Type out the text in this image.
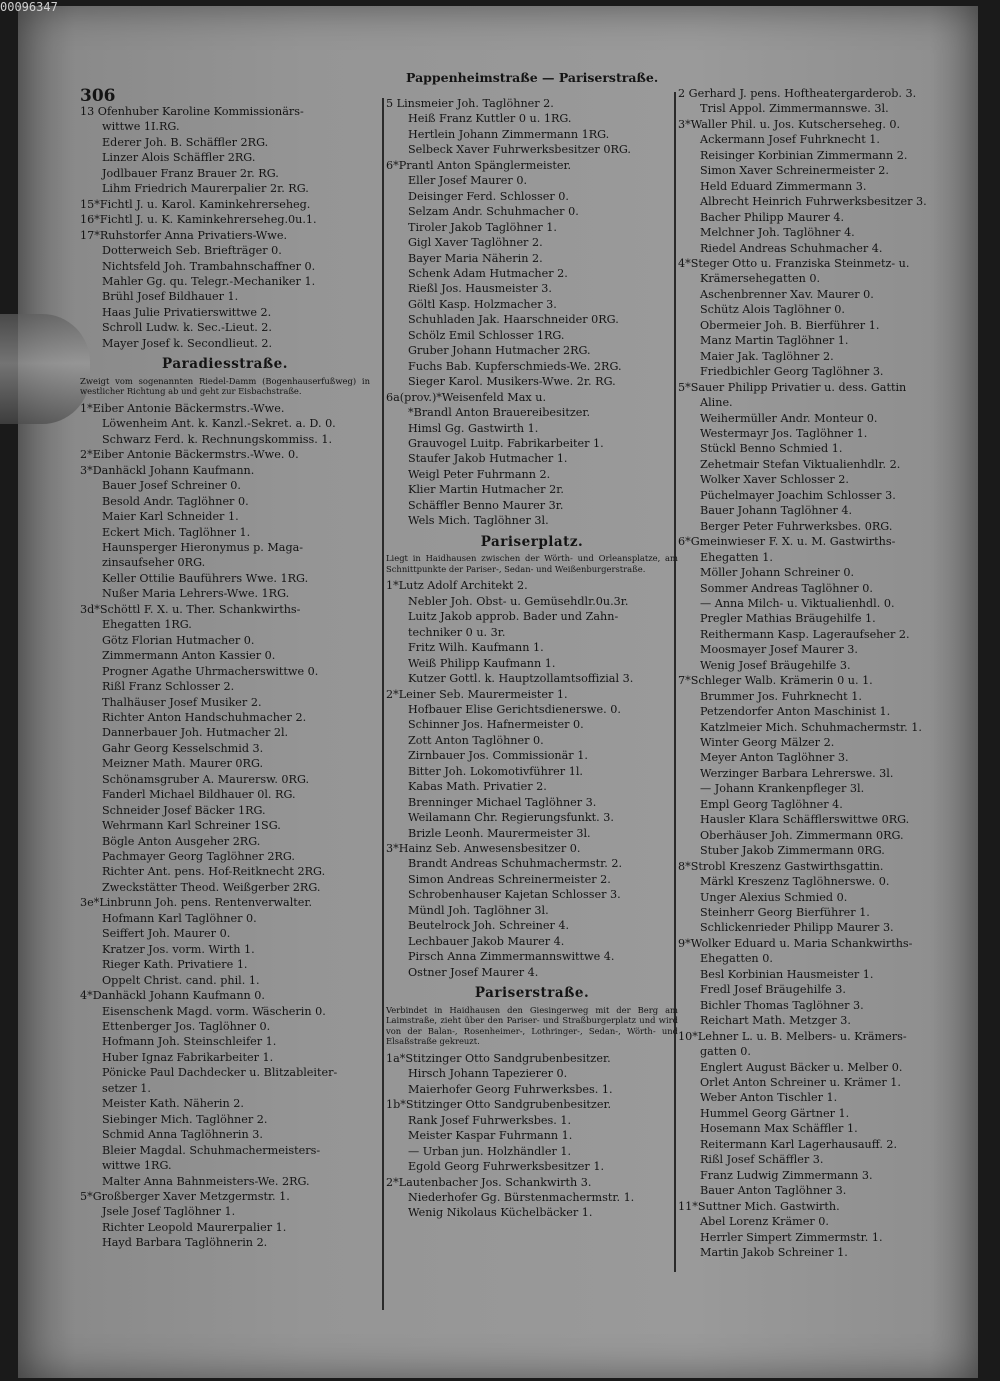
306
Pappenheimstraße — Pariserstraße.
13 Ofenhuber Karoline Kommissionärs-
wittwe 1I.RG.
Ederer Joh. B. Schäffler 2RG.
Linzer Alois Schäffler 2RG.
Jodlbauer Franz Brauer 2r. RG.
Lihm Friedrich Maurerpalier 2r. RG.
15*Fichtl J. u. Karol. Kaminkehrerseheg.
16*Fichtl J. u. K. Kaminkehrerseheg.0u.1.
17*Ruhstorfer Anna Privatiers-Wwe.
Dotterweich Seb. Briefträger 0.
Nichtsfeld Joh. Trambahnschaffner 0.
Mahler Gg. qu. Telegr.-Mechaniker 1.
Brühl Josef Bildhauer 1.
Haas Julie Privatierswittwe 2.
Schroll Ludw. k. Sec.-Lieut. 2.
Mayer Josef k. Secondlieut. 2.
Paradiesstraße.
Zweigt vom sogenannten Riedel-Damm (Bogenhauserfußweg) in westlicher Richtung ab und geht zur Eisbachstraße.
1*Eiber Antonie Bäckermstrs.-Wwe.
Löwenheim Ant. k. Kanzl.-Sekret. a. D. 0.
Schwarz Ferd. k. Rechnungskommiss. 1.
2*Eiber Antonie Bäckermstrs.-Wwe. 0.
3*Danhäckl Johann Kaufmann.
Bauer Josef Schreiner 0.
Besold Andr. Taglöhner 0.
Maier Karl Schneider 1.
Eckert Mich. Taglöhner 1.
Haunsperger Hieronymus p. Maga-
zinsaufseher 0RG.
Keller Ottilie Bauführers Wwe. 1RG.
Nußer Maria Lehrers-Wwe. 1RG.
3d*Schöttl F. X. u. Ther. Schankwirths-
Ehegatten 1RG.
Götz Florian Hutmacher 0.
Zimmermann Anton Kassier 0.
Progner Agathe Uhrmacherswittwe 0.
Rißl Franz Schlosser 2.
Thalhäuser Josef Musiker 2.
Richter Anton Handschuhmacher 2.
Dannerbauer Joh. Hutmacher 2l.
Gahr Georg Kesselschmid 3.
Meizner Math. Maurer 0RG.
Schönamsgruber A. Maurersw. 0RG.
Fanderl Michael Bildhauer 0l. RG.
Schneider Josef Bäcker 1RG.
Wehrmann Karl Schreiner 1SG.
Bögle Anton Ausgeher 2RG.
Pachmayer Georg Taglöhner 2RG.
Richter Ant. pens. Hof-Reitknecht 2RG.
Zweckstätter Theod. Weißgerber 2RG.
3e*Linbrunn Joh. pens. Rentenverwalter.
Hofmann Karl Taglöhner 0.
Seiffert Joh. Maurer 0.
Kratzer Jos. vorm. Wirth 1.
Rieger Kath. Privatiere 1.
Oppelt Christ. cand. phil. 1.
4*Danhäckl Johann Kaufmann 0.
Eisenschenk Magd. vorm. Wäscherin 0.
Ettenberger Jos. Taglöhner 0.
Hofmann Joh. Steinschleifer 1.
Huber Ignaz Fabrikarbeiter 1.
Pönicke Paul Dachdecker u. Blitzableiter-
setzer 1.
Meister Kath. Näherin 2.
Siebinger Mich. Taglöhner 2.
Schmid Anna Taglöhnerin 3.
Bleier Magdal. Schuhmachermeisters-
wittwe 1RG.
Malter Anna Bahnmeisters-We. 2RG.
5*Großberger Xaver Metzgermstr. 1.
Jsele Josef Taglöhner 1.
Richter Leopold Maurerpalier 1.
Hayd Barbara Taglöhnerin 2.
5 Linsmeier Joh. Taglöhner 2.
Heiß Franz Kuttler 0 u. 1RG.
Hertlein Johann Zimmermann 1RG.
Selbeck Xaver Fuhrwerksbesitzer 0RG.
6*Prantl Anton Spänglermeister.
Eller Josef Maurer 0.
Deisinger Ferd. Schlosser 0.
Selzam Andr. Schuhmacher 0.
Tiroler Jakob Taglöhner 1.
Gigl Xaver Taglöhner 2.
Bayer Maria Näherin 2.
Schenk Adam Hutmacher 2.
Rießl Jos. Hausmeister 3.
Göltl Kasp. Holzmacher 3.
Schuhladen Jak. Haarschneider 0RG.
Schölz Emil Schlosser 1RG.
Gruber Johann Hutmacher 2RG.
Fuchs Bab. Kupferschmieds-We. 2RG.
Sieger Karol. Musikers-Wwe. 2r. RG.
6a(prov.)*Weisenfeld Max u.
*Brandl Anton Brauereibesitzer.
Himsl Gg. Gastwirth 1.
Grauvogel Luitp. Fabrikarbeiter 1.
Staufer Jakob Hutmacher 1.
Weigl Peter Fuhrmann 2.
Klier Martin Hutmacher 2r.
Schäffler Benno Maurer 3r.
Wels Mich. Taglöhner 3l.
Pariserplatz.
Liegt in Haidhausen zwischen der Wörth- und Orleansplatze, am Schnittpunkte der Pariser-, Sedan- und Weißenburgerstraße.
1*Lutz Adolf Architekt 2.
Nebler Joh. Obst- u. Gemüsehdlr.0u.3r.
Luitz Jakob approb. Bader und Zahn-
techniker 0 u. 3r.
Fritz Wilh. Kaufmann 1.
Weiß Philipp Kaufmann 1.
Kutzer Gottl. k. Hauptzollamtsoffizial 3.
2*Leiner Seb. Maurermeister 1.
Hofbauer Elise Gerichtsdienerswe. 0.
Schinner Jos. Hafnermeister 0.
Zott Anton Taglöhner 0.
Zirnbauer Jos. Commissionär 1.
Bitter Joh. Lokomotivführer 1l.
Kabas Math. Privatier 2.
Brenninger Michael Taglöhner 3.
Weilamann Chr. Regierungsfunkt. 3.
Brizle Leonh. Maurermeister 3l.
3*Hainz Seb. Anwesensbesitzer 0.
Brandt Andreas Schuhmachermstr. 2.
Simon Andreas Schreinermeister 2.
Schrobenhauser Kajetan Schlosser 3.
Mündl Joh. Taglöhner 3l.
Beutelrock Joh. Schreiner 4.
Lechbauer Jakob Maurer 4.
Pirsch Anna Zimmermannswittwe 4.
Ostner Josef Maurer 4.
Pariserstraße.
Verbindet in Haidhausen den Giesingerweg mit der Berg am Laimstraße, zieht über den Pariser- und Straßburgerplatz und wird von der Balan-, Rosenheimer-, Lothringer-, Sedan-, Wörth- und Elsaßstraße gekreuzt.
1a*Stitzinger Otto Sandgrubenbesitzer.
Hirsch Johann Tapezierer 0.
Maierhofer Georg Fuhrwerksbes. 1.
1b*Stitzinger Otto Sandgrubenbesitzer.
Rank Josef Fuhrwerksbes. 1.
Meister Kaspar Fuhrmann 1.
— Urban jun. Holzhändler 1.
Egold Georg Fuhrwerksbesitzer 1.
2*Lautenbacher Jos. Schankwirth 3.
Niederhofer Gg. Bürstenmachermstr. 1.
Wenig Nikolaus Küchelbäcker 1.
2 Gerhard J. pens. Hoftheatergarderob. 3.
Trisl Appol. Zimmermannswe. 3l.
3*Waller Phil. u. Jos. Kutscherseheg. 0.
Ackermann Josef Fuhrknecht 1.
Reisinger Korbinian Zimmermann 2.
Simon Xaver Schreinermeister 2.
Held Eduard Zimmermann 3.
Albrecht Heinrich Fuhrwerksbesitzer 3.
Bacher Philipp Maurer 4.
Melchner Joh. Taglöhner 4.
Riedel Andreas Schuhmacher 4.
4*Steger Otto u. Franziska Steinmetz- u.
Krämersehegatten 0.
Aschenbrenner Xav. Maurer 0.
Schütz Alois Taglöhner 0.
Obermeier Joh. B. Bierführer 1.
Manz Martin Taglöhner 1.
Maier Jak. Taglöhner 2.
Friedbichler Georg Taglöhner 3.
5*Sauer Philipp Privatier u. dess. Gattin
Aline.
Weihermüller Andr. Monteur 0.
Westermayr Jos. Taglöhner 1.
Stückl Benno Schmied 1.
Zehetmair Stefan Viktualienhdlr. 2.
Wolker Xaver Schlosser 2.
Püchelmayer Joachim Schlosser 3.
Bauer Johann Taglöhner 4.
Berger Peter Fuhrwerksbes. 0RG.
6*Gmeinwieser F. X. u. M. Gastwirths-
Ehegatten 1.
Möller Johann Schreiner 0.
Sommer Andreas Taglöhner 0.
— Anna Milch- u. Viktualienhdl. 0.
Pregler Mathias Bräugehilfe 1.
Reithermann Kasp. Lageraufseher 2.
Moosmayer Josef Maurer 3.
Wenig Josef Bräugehilfe 3.
7*Schleger Walb. Krämerin 0 u. 1.
Brummer Jos. Fuhrknecht 1.
Petzendorfer Anton Maschinist 1.
Katzlmeier Mich. Schuhmachermstr. 1.
Winter Georg Mälzer 2.
Meyer Anton Taglöhner 3.
Werzinger Barbara Lehrerswe. 3l.
— Johann Krankenpfleger 3l.
Empl Georg Taglöhner 4.
Hausler Klara Schäfflerswittwe 0RG.
Oberhäuser Joh. Zimmermann 0RG.
Stuber Jakob Zimmermann 0RG.
8*Strobl Kreszenz Gastwirthsgattin.
Märkl Kreszenz Taglöhnerswe. 0.
Unger Alexius Schmied 0.
Steinherr Georg Bierführer 1.
Schlickenrieder Philipp Maurer 3.
9*Wolker Eduard u. Maria Schankwirths-
Ehegatten 0.
Besl Korbinian Hausmeister 1.
Fredl Josef Bräugehilfe 3.
Bichler Thomas Taglöhner 3.
Reichart Math. Metzger 3.
10*Lehner L. u. B. Melbers- u. Krämers-
gatten 0.
Englert August Bäcker u. Melber 0.
Orlet Anton Schreiner u. Krämer 1.
Weber Anton Tischler 1.
Hummel Georg Gärtner 1.
Hosemann Max Schäffler 1.
Reitermann Karl Lagerhausauff. 2.
Rißl Josef Schäffler 3.
Franz Ludwig Zimmermann 3.
Bauer Anton Taglöhner 3.
11*Suttner Mich. Gastwirth.
Abel Lorenz Krämer 0.
Herrler Simpert Zimmermstr. 1.
Martin Jakob Schreiner 1.
00096347
